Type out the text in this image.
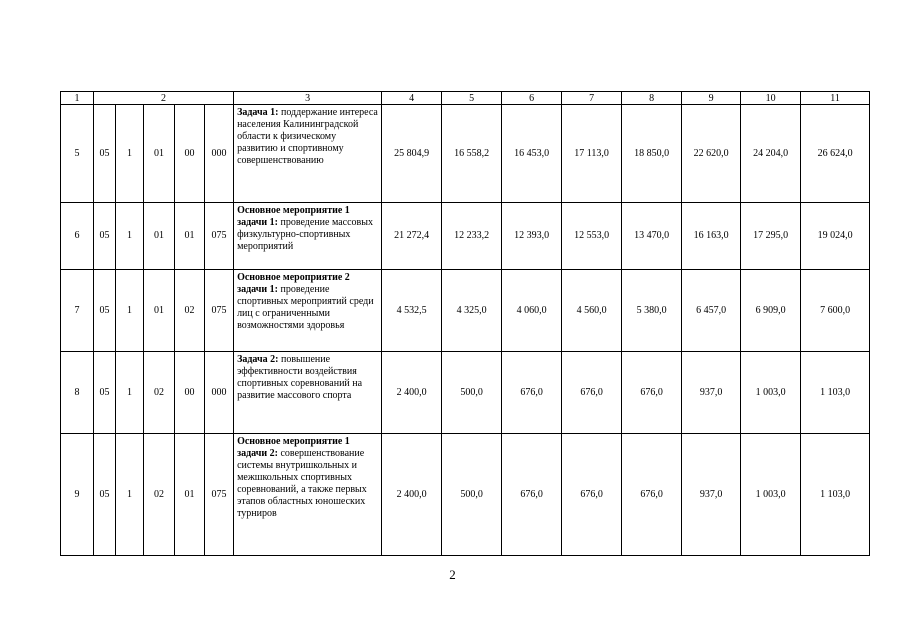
1	2					3	4	5	6	7	8	9	10	11
5	05	1	01	00	000	Задача 1: поддержание интереса населения Калининградской области к физическому развитию и спортивному совершенствованию	25 804,9	16 558,2	16 453,0	17 113,0	18 850,0	22 620,0	24 204,0	26 624,0
6	05	1	01	01	075	Основное мероприятие 1 задачи 1: проведение массовых физкультурно-спортивных мероприятий	21 272,4	12 233,2	12 393,0	12 553,0	13 470,0	16 163,0	17 295,0	19 024,0
7	05	1	01	02	075	Основное мероприятие 2 задачи 1: проведение спортивных мероприятий среди лиц с ограниченными возможностями здоровья	4 532,5	4 325,0	4 060,0	4 560,0	5 380,0	6 457,0	6 909,0	7 600,0
8	05	1	02	00	000	Задача 2: повышение эффективности воздействия спортивных соревнований на развитие массового спорта	2 400,0	500,0	676,0	676,0	676,0	937,0	1 003,0	1 103,0
9	05	1	02	01	075	Основное мероприятие 1 задачи 2: совершенствование системы внутришкольных и межшкольных спортивных соревнований, а также первых этапов областных юношеских турниров	2 400,0	500,0	676,0	676,0	676,0	937,0	1 003,0	1 103,0
2
